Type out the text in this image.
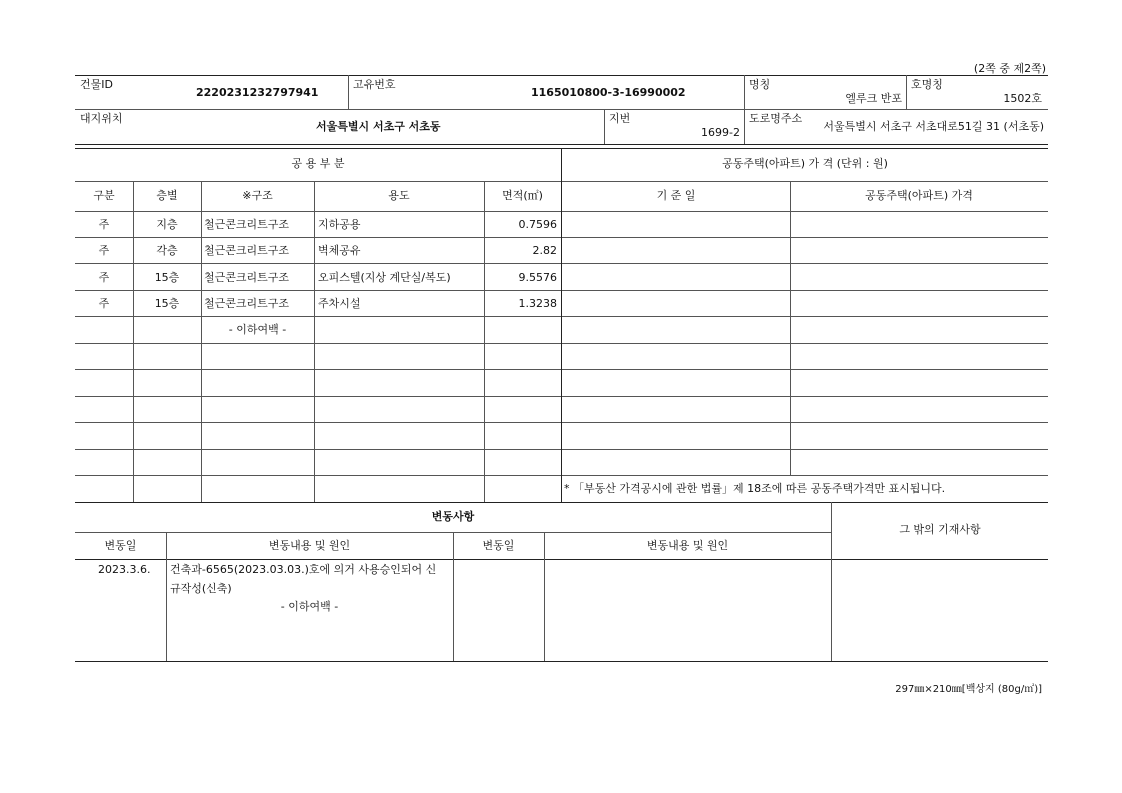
(2쪽 중 제2쪽)
건물ID
2220231232797941
고유번호
1165010800-3-16990002
명칭
엘루크 반포
호명칭
1502호
대지위치
서울특별시 서초구 서초동
지번
1699-2
도로명주소
서울특별시 서초구 서초대로51길 31 (서초동)
공 용 부 분	공동주택(아파트) 가 격 (단위 : 원)
구분	층별	※구조	용도	면적(㎡)	기 준 일	공동주택(아파트) 가격
주	지층	철근콘크리트구조	지하공용	0.7596
주	각층	철근콘크리트구조	벽체공유	2.82
주	15층	철근콘크리트구조	오피스텔(지상 계단실/복도)	9.5576
주	15층	철근콘크리트구조	주차시설	1.3238
- 이하여백 -
* 「부동산 가격공시에 관한 법률」제 18조에 따른 공동주택가격만 표시됩니다.
변동사항
그 밖의 기재사항
변동일	변동내용 및 원인	변동일	변동내용 및 원인
2023.3.6. 건축과-6565(2023.03.03.)호에 의거 사용승인되어 신
규작성(신축)
- 이하여백 -
297㎜×210㎜[백상지 (80g/㎡)]
